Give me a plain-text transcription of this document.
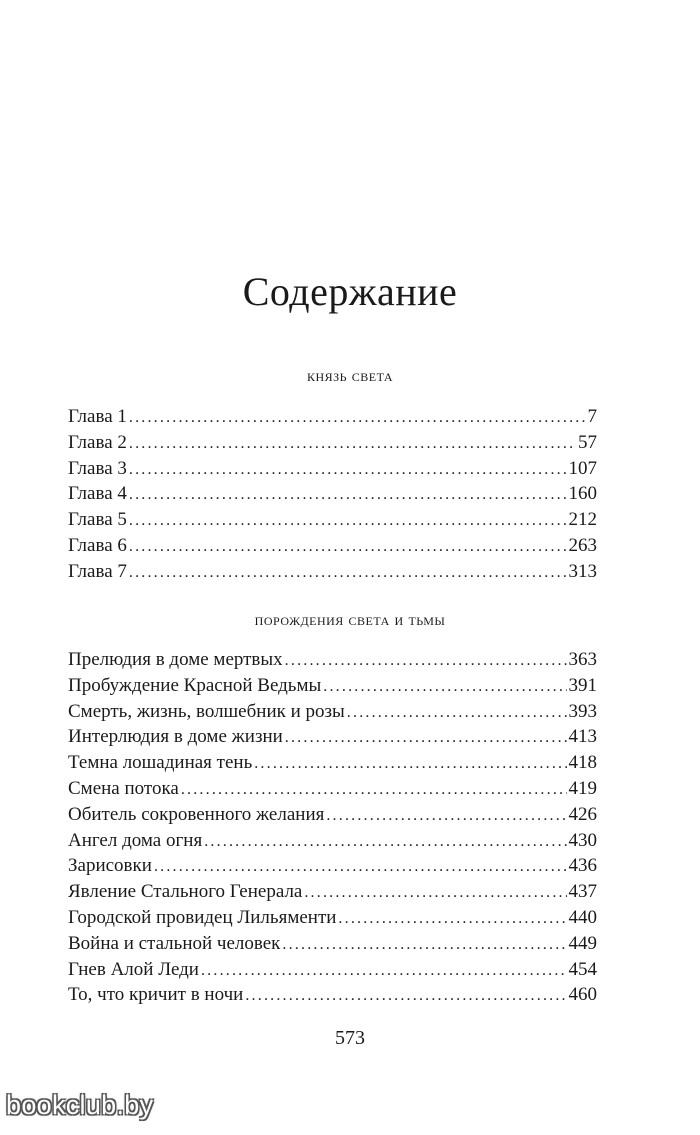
Содержание
князь света
Глава 1 .....	7
Глава 2 .....	57
Глава 3 .....	107
Глава 4 .....	160
Глава 5 .....	212
Глава 6 .....	263
Глава 7 .....	313
порождения света и тьмы
Прелюдия в доме мертвых .....	363
Пробуждение Красной Ведьмы .....	391
Смерть, жизнь, волшебник и розы .....	393
Интерлюдия в доме жизни .....	413
Темна лошадиная тень .....	418
Смена потока .....	419
Обитель сокровенного желания .....	426
Ангел дома огня .....	430
Зарисовки .....	436
Явление Стального Генерала .....	437
Городской провидец Лильяменти .....	440
Война и стальной человек .....	449
Гнев Алой Леди .....	454
То, что кричит в ночи .....	460
573
bookclub.by
